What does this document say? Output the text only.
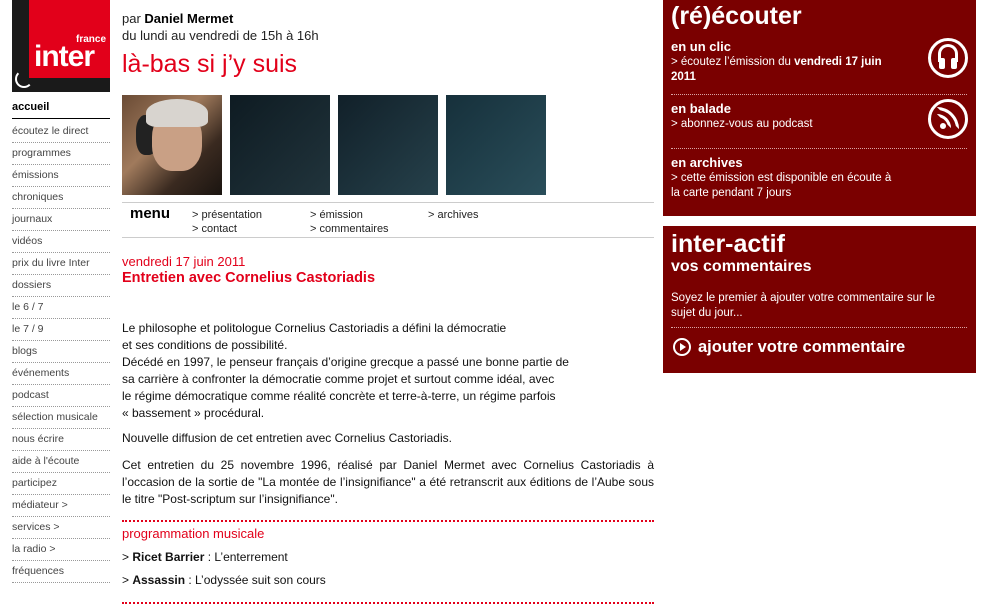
france
inter
accueil
écoutez le direct
programmes
émissions
chroniques
journaux
vidéos
prix du livre Inter
dossiers
le 6 / 7
le 7 / 9
blogs
événements
podcast
sélection musicale
nous écrire
aide à l'écoute
participez
médiateur >
services >
la radio >
fréquences
par Daniel Mermet
du lundi au vendredi de 15h à 16h
là-bas si j’y suis
menu > présentation
> contact
> émission
> commentaires
> archives
vendredi 17 juin 2011
Entretien avec Cornelius Castoriadis
Le philosophe et politologue Cornelius Castoriadis a défini la démocratie
et ses conditions de possibilité.
Décédé en 1997, le penseur français d’origine grecque a passé une bonne partie de
sa carrière à confronter la démocratie comme projet et surtout comme idéal, avec
le régime démocratique comme réalité concrète et terre-à-terre, un régime parfois
« bassement » procédural.
Nouvelle diffusion de cet entretien avec Cornelius Castoriadis.
Cet entretien du 25 novembre 1996, réalisé par Daniel Mermet avec Cornelius Castoriadis à l’occasion de la sortie de "La montée de l’insignifiance" a été retranscrit aux éditions de l’Aube sous le titre "Post-scriptum sur l’insignifiance".
programmation musicale
> Ricet Barrier : L’enterrement
> Assassin : L’odyssée suit son cours
(ré)écouter
en un clic
> écoutez l’émission du vendredi 17 juin
2011
en balade
> abonnez-vous au podcast
en archives
> cette émission est disponible en écoute à
la carte pendant 7 jours
inter-actif
vos commentaires
Soyez le premier à ajouter votre commentaire sur le
sujet du jour...
ajouter votre commentaire
